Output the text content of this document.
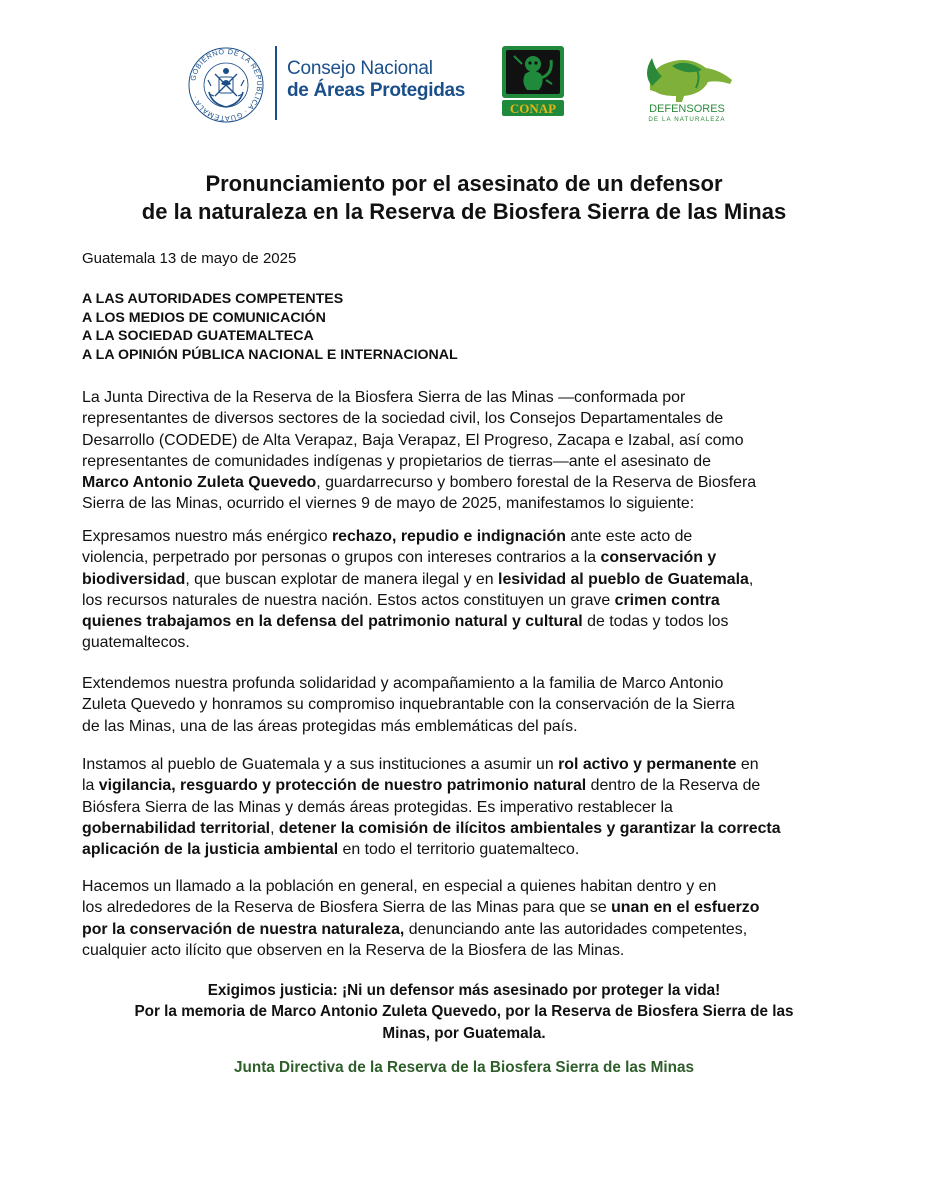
GOBIERNO DE LA REPÚBLICA · GUATEMALA ·
Consejo Nacional
de Áreas Protegidas
CONAP	DEFENSORES
DE LA NATURALEZA
Pronunciamiento por el asesinato de un defensor
de la naturaleza en la Reserva de Biosfera Sierra de las Minas
Guatemala 13 de mayo de 2025
A LAS AUTORIDADES COMPETENTES
A LOS MEDIOS DE COMUNICACIÓN
A LA SOCIEDAD GUATEMALTECA
A LA OPINIÓN PÚBLICA NACIONAL E INTERNACIONAL
La Junta Directiva de la Reserva de la Biosfera Sierra de las Minas —conformada por
representantes de diversos sectores de la sociedad civil, los Consejos Departamentales de
Desarrollo (CODEDE) de Alta Verapaz, Baja Verapaz, El Progreso, Zacapa e Izabal, así como
representantes de comunidades indígenas y propietarios de tierras—ante el asesinato de
Marco Antonio Zuleta Quevedo, guardarrecurso y bombero forestal de la Reserva de Biosfera
Sierra de las Minas, ocurrido el viernes 9 de mayo de 2025, manifestamos lo siguiente:
Expresamos nuestro más enérgico rechazo, repudio e indignación ante este acto de
violencia, perpetrado por personas o grupos con intereses contrarios a la conservación y
biodiversidad, que buscan explotar de manera ilegal y en lesividad al pueblo de Guatemala,
los recursos naturales de nuestra nación. Estos actos constituyen un grave crimen contra
quienes trabajamos en la defensa del patrimonio natural y cultural de todas y todos los
guatemaltecos.
Extendemos nuestra profunda solidaridad y acompañamiento a la familia de Marco Antonio
Zuleta Quevedo y honramos su compromiso inquebrantable con la conservación de la Sierra
de las Minas, una de las áreas protegidas más emblemáticas del país.
Instamos al pueblo de Guatemala y a sus instituciones a asumir un rol activo y permanente en
la vigilancia, resguardo y protección de nuestro patrimonio natural dentro de la Reserva de
Biósfera Sierra de las Minas y demás áreas protegidas. Es imperativo restablecer la
gobernabilidad territorial, detener la comisión de ilícitos ambientales y garantizar la correcta
aplicación de la justicia ambiental en todo el territorio guatemalteco.
Hacemos un llamado a la población en general, en especial a quienes habitan dentro y en
los alrededores de la Reserva de Biosfera Sierra de las Minas para que se unan en el esfuerzo
por la conservación de nuestra naturaleza, denunciando ante las autoridades competentes,
cualquier acto ilícito que observen en la Reserva de la Biosfera de las Minas.
Exigimos justicia: ¡Ni un defensor más asesinado por proteger la vida!
Por la memoria de Marco Antonio Zuleta Quevedo, por la Reserva de Biosfera Sierra de las
Minas, por Guatemala.
Junta Directiva de la Reserva de la Biosfera Sierra de las Minas
